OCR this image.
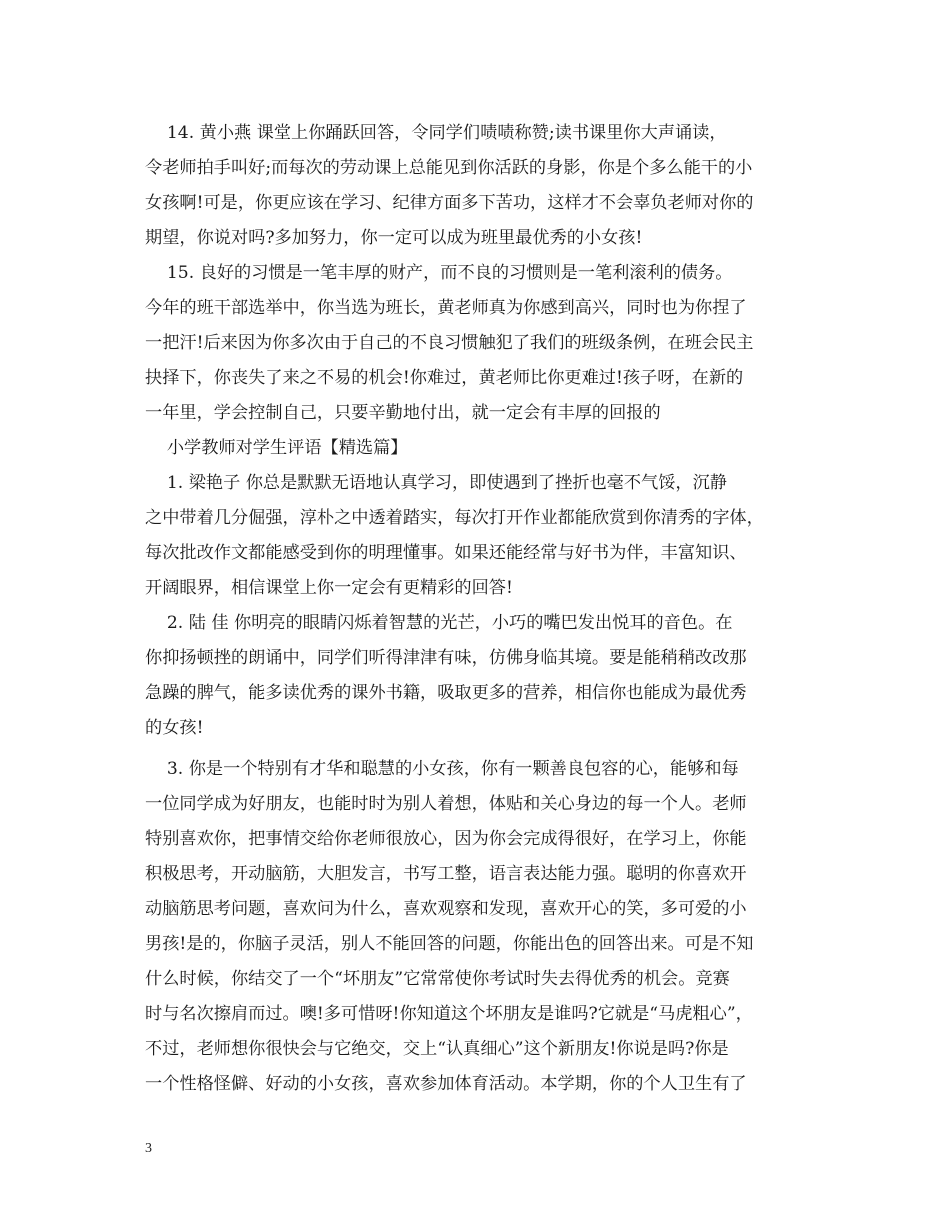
14. 黄小燕 课堂上你踊跃回答，令同学们啧啧称赞;读书课里你大声诵读，
令老师拍手叫好;而每次的劳动课上总能见到你活跃的身影，你是个多么能干的小
女孩啊!可是，你更应该在学习、纪律方面多下苦功，这样才不会辜负老师对你的
期望，你说对吗?多加努力，你一定可以成为班里最优秀的小女孩!
15. 良好的习惯是一笔丰厚的财产，而不良的习惯则是一笔利滚利的债务。
今年的班干部选举中，你当选为班长，黄老师真为你感到高兴，同时也为你捏了
一把汗!后来因为你多次由于自己的不良习惯触犯了我们的班级条例，在班会民主
抉择下，你丧失了来之不易的机会!你难过，黄老师比你更难过!孩子呀，在新的
一年里，学会控制自己，只要辛勤地付出，就一定会有丰厚的回报的
小学教师对学生评语【精选篇】
1. 梁艳子 你总是默默无语地认真学习，即使遇到了挫折也毫不气馁，沉静
之中带着几分倔强，淳朴之中透着踏实，每次打开作业都能欣赏到你清秀的字体，
每次批改作文都能感受到你的明理懂事。如果还能经常与好书为伴，丰富知识、
开阔眼界，相信课堂上你一定会有更精彩的回答!
2. 陆 佳 你明亮的眼睛闪烁着智慧的光芒，小巧的嘴巴发出悦耳的音色。在
你抑扬顿挫的朗诵中，同学们听得津津有味，仿佛身临其境。要是能稍稍改改那
急躁的脾气，能多读优秀的课外书籍，吸取更多的营养，相信你也能成为最优秀
的女孩!
3. 你是一个特别有才华和聪慧的小女孩，你有一颗善良包容的心，能够和每
一位同学成为好朋友，也能时时为别人着想，体贴和关心身边的每一个人。老师
特别喜欢你，把事情交给你老师很放心，因为你会完成得很好，在学习上，你能
积极思考，开动脑筋，大胆发言，书写工整，语言表达能力强。聪明的你喜欢开
动脑筋思考问题，喜欢问为什么，喜欢观察和发现，喜欢开心的笑，多可爱的小
男孩!是的，你脑子灵活，别人不能回答的问题，你能出色的回答出来。可是不知
什么时候，你结交了一个“坏朋友”它常常使你考试时失去得优秀的机会。竞赛
时与名次擦肩而过。噢!多可惜呀!你知道这个坏朋友是谁吗?它就是“马虎粗心”，
不过，老师想你很快会与它绝交，交上“认真细心”这个新朋友!你说是吗?你是
一个性格怪僻、好动的小女孩，喜欢参加体育活动。本学期，你的个人卫生有了
3
